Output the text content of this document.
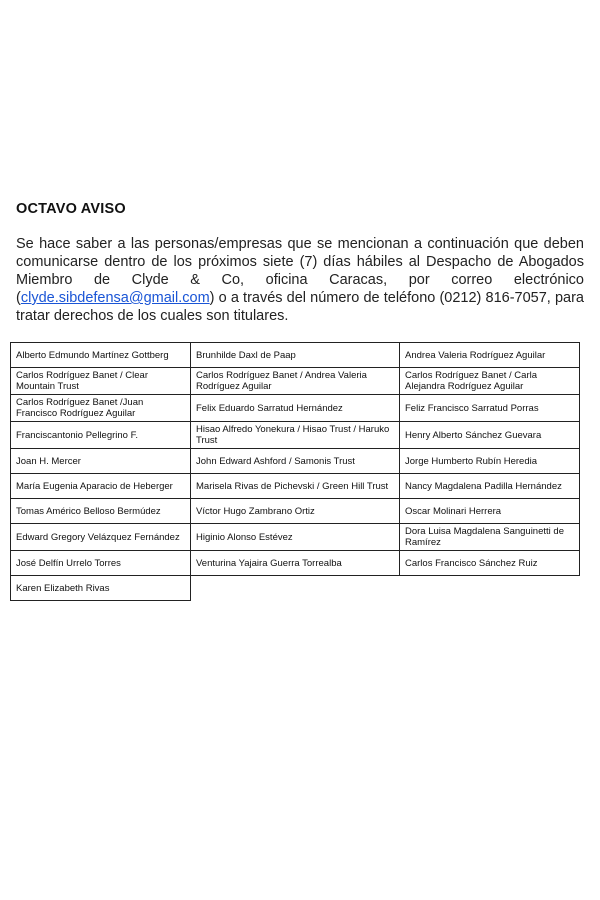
OCTAVO AVISO

Se hace saber a las personas/empresas que se mencionan a continuación que deben comunicarse dentro de los próximos siete (7) días hábiles al Despacho de Abogados Miembro de Clyde & Co, oficina Caracas, por correo electrónico (clyde.sibdefensa@gmail.com) o a través del número de teléfono (0212) 816-7057, para tratar derechos de los cuales son titulares.

Alberto Edmundo Martínez Gottberg	Brunhilde Daxl de Paap	Andrea Valeria Rodríguez Aguilar
Carlos Rodríguez Banet / Clear Mountain Trust	Carlos Rodríguez Banet / Andrea Valeria Rodríguez Aguilar	Carlos Rodríguez Banet / Carla Alejandra Rodríguez Aguilar
Carlos Rodríguez Banet /Juan Francisco Rodríguez Aguilar	Felix Eduardo Sarratud Hernández	Feliz Francisco Sarratud Porras
Franciscantonio Pellegrino F.	Hisao Alfredo Yonekura / Hisao Trust / Haruko Trust	Henry Alberto Sánchez Guevara
Joan H. Mercer	John Edward Ashford / Samonis Trust	Jorge Humberto Rubín Heredia
María Eugenia Aparacio de Heberger	Marisela Rivas de Pichevski / Green Hill Trust	Nancy Magdalena Padilla Hernández
Tomas Américo Belloso Bermúdez	Víctor Hugo Zambrano Ortiz	Oscar Molinari Herrera
Edward Gregory Velázquez Fernández	Higinio Alonso Estévez	Dora Luisa Magdalena Sanguinetti de Ramírez
José Delfín Urrelo Torres	Venturina Yajaira Guerra Torrealba	Carlos Francisco Sánchez Ruiz
Karen Elizabeth Rivas		
